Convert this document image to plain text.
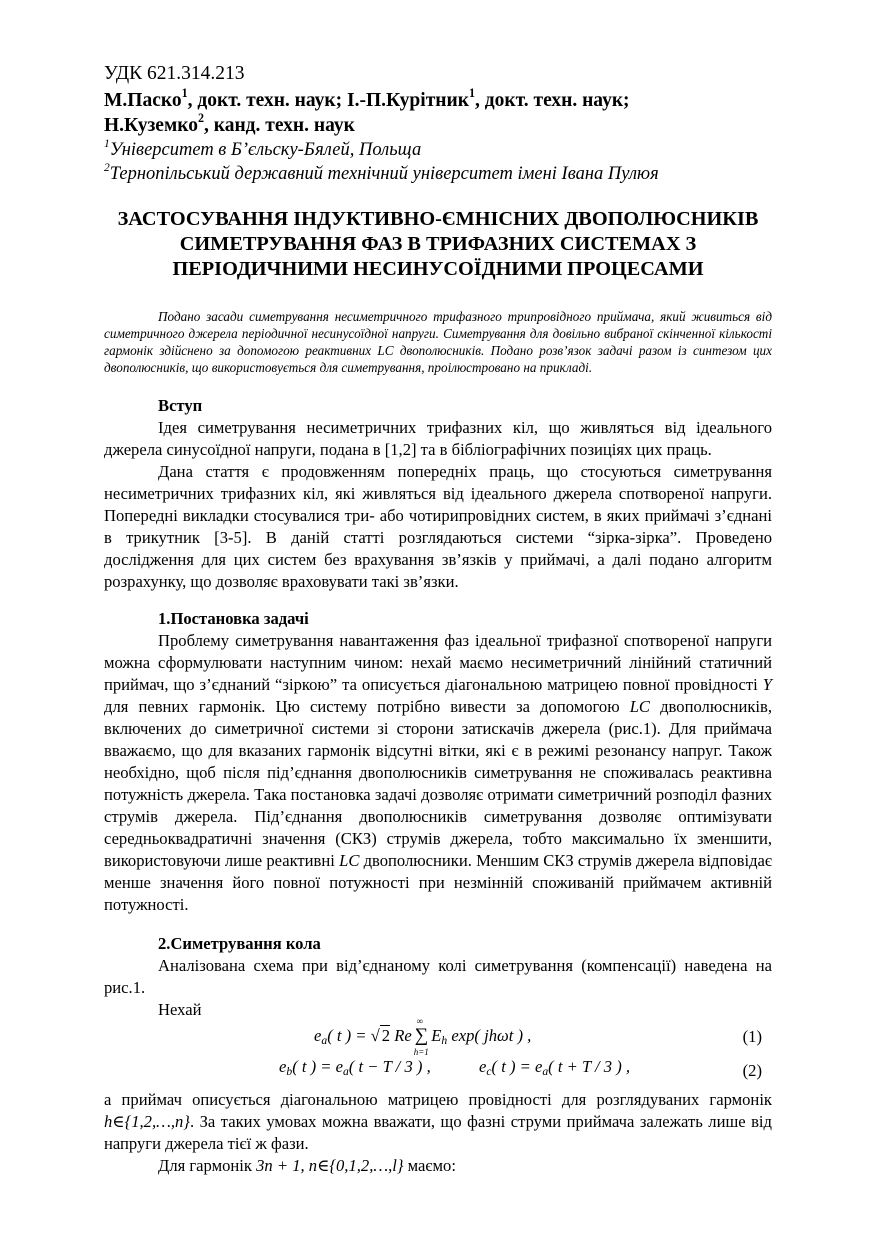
УДК 621.314.213
М.Паско$^1$, докт. техн. наук; І.-П.Курітник$^1$, докт. техн. наук;
Н.Куземко$^2$, канд. техн. наук
$^1$Університет в Б’єльску-Бялей, Польща
$^2$Тернопільський державний технічний університет імені Івана Пулюя
ЗАСТОСУВАННЯ ІНДУКТИВНО-ЄМНІСНИХ ДВОПОЛЮСНИКІВ
СИМЕТРУВАННЯ ФАЗ В ТРИФАЗНИХ СИСТЕМАХ З
ПЕРІОДИЧНИМИ НЕСИНУСОЇДНИМИ ПРОЦЕСАМИ

Подано засади симетрування несиметричного трифазного трипровідного приймача, який живиться від симетричного джерела періодичної несинусоїдної напруги. Симетрування для довільно вибраної скінченної кількості гармонік здійснено за допомогою реактивних LC двополюсників. Подано розв’язок задачі разом із синтезом цих двополюсників, що використовується для симетрування, проілюстровано на прикладі.

Вступ

Ідея симетрування несиметричних трифазних кіл, що живляться від ідеального джерела синусоїдної напруги, подана в [1,2] та в бібліографічних позиціях цих праць.

Дана стаття є продовженням попередніх праць, що стосуються симетрування несиметричних трифазних кіл, які живляться від ідеального джерела спотвореної напруги. Попередні викладки стосувалися три- або чотирипровідних систем, в яких приймачі з’єднані в трикутник [3-5]. В даній статті розглядаються системи “зірка-зірка”. Проведено дослідження для цих систем без врахування зв’язків у приймачі, а далі подано алгоритм розрахунку, що дозволяє враховувати такі зв’язки.

1.Постановка задачі

Проблему симетрування навантаження фаз ідеальної трифазної спотвореної напруги можна сформулювати наступним чином: нехай маємо несиметричний лінійний статичний приймач, що з’єднаний “зіркою” та описується діагональною матрицею повної провідності Y для певних гармонік. Цю систему потрібно вивести за допомогою LC двополюсників, включених до симетричної системи зі сторони затискачів джерела (рис.1). Для приймача вважаємо, що для вказаних гармонік відсутні вітки, які є в режимі резонансу напруг. Також необхідно, щоб після під’єднання двополюсників симетрування не споживалась реактивна потужність джерела. Така постановка задачі дозволяє отримати симетричний розподіл фазних струмів джерела. Під’єднання двополюсників симетрування дозволяє оптимізувати середньоквадратичні значення (СКЗ) струмів джерела, тобто максимально їх зменшити, використовуючи лише реактивні LC двополюсники. Меншим СКЗ струмів джерела відповідає менше значення його повної потужності при незмінній споживаній приймачем активній потужності.

2.Симетрування кола

Аналізована схема при від’єднаному колі симетрування (компенсації) наведена на рис.1.

Нехай

$e_a$( t ) = √ 2 Re ∑
∞
h=1
$E_h$ exp( jhωt ) ,	(1)
$e_b$( t ) = $e_a$( t − T / 3 ) ,	$e_c$( t ) = $e_a$( t + T / 3 ) ,	(2)

а приймач описується діагональною матрицею провідності для розглядуваних гармонік h∈{1,2,…,n}. За таких умовах можна вважати, що фазні струми приймача залежать лише від напруги джерела тієї ж фази.

Для гармонік 3n + 1, n∈{0,1,2,…,l} маємо:
